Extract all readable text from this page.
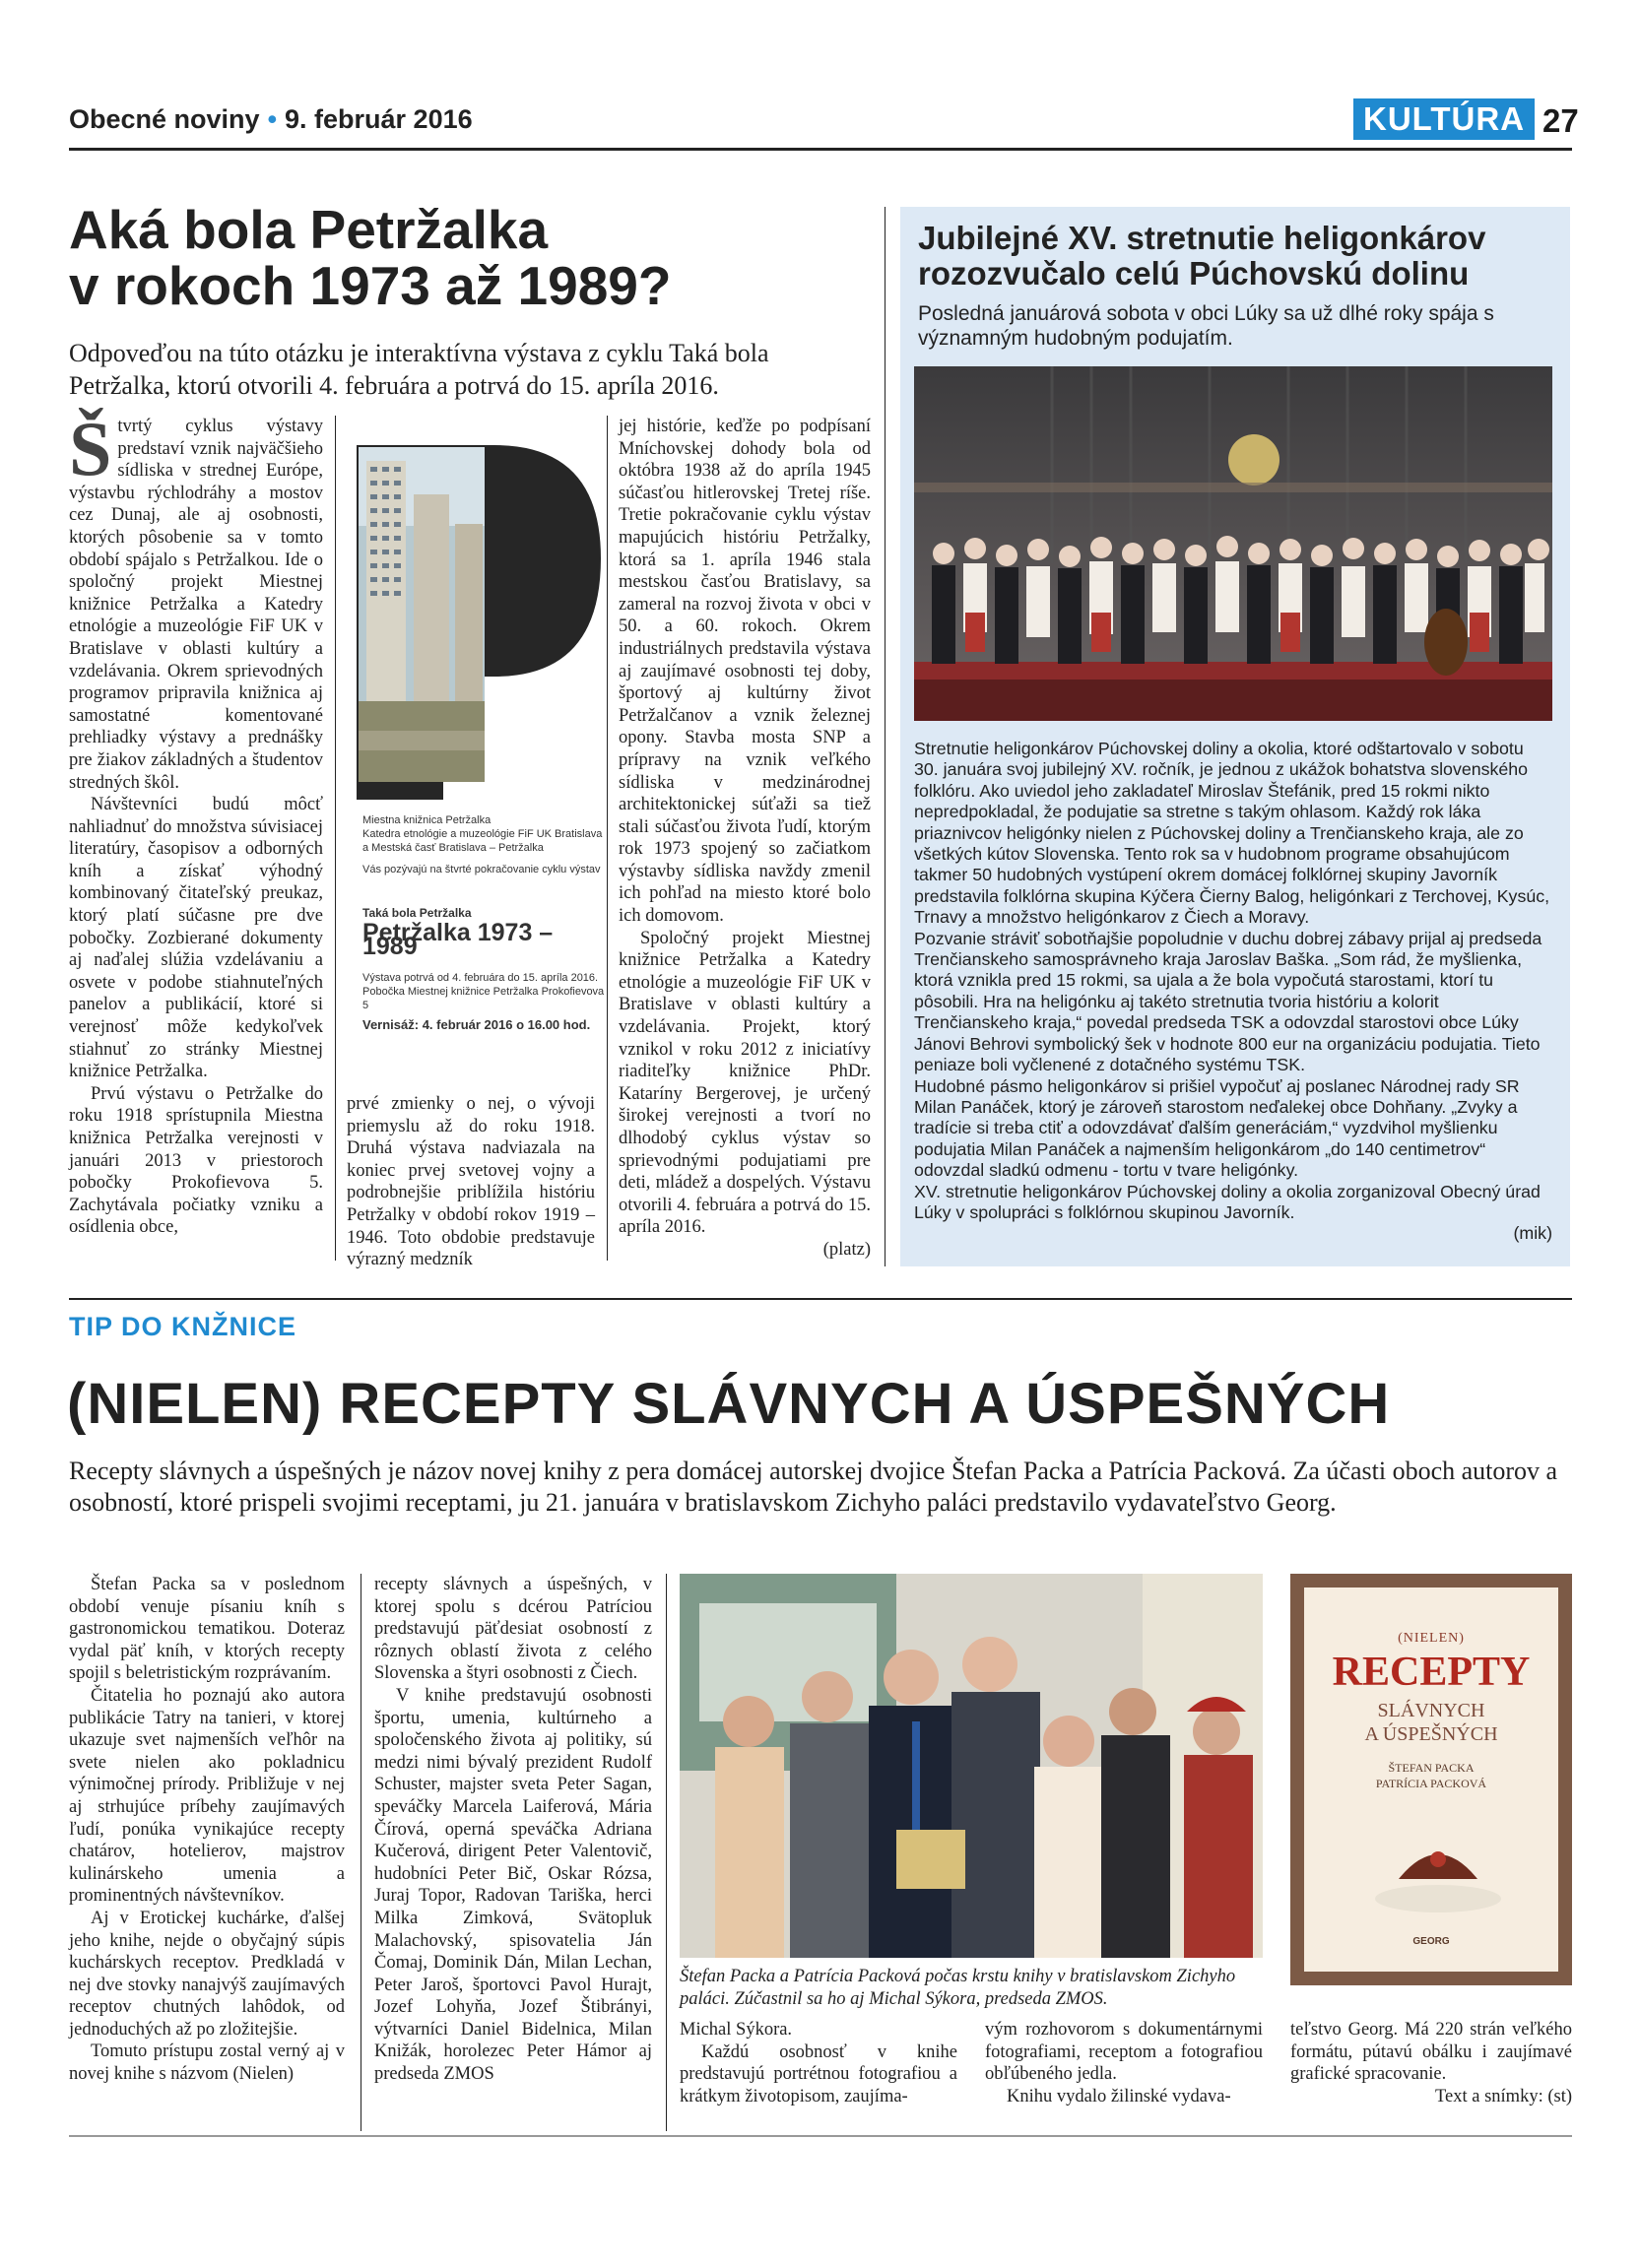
Obecné noviny • 9. február 2016	KULTÚRA 27
Aká bola Petržalka
v rokoch 1973 až 1989?
Odpoveďou na túto otázku je interaktívna výstava z cyklu Taká bola Petržalka, ktorú otvorili 4. februára a potrvá do 15. apríla 2016.

Štvrtý cyklus výstavy predstaví vznik najväčšieho sídliska v strednej Európe, výstavbu rýchlodráhy a mostov cez Dunaj, ale aj osobnosti, ktorých pôsobenie sa v tomto období spájalo s Petržalkou. Ide o spoločný projekt Miestnej knižnice Petržalka a Katedry etnológie a muzeológie FiF UK v Bratislave v oblasti kultúry a vzdelávania. Okrem sprievodných programov pripravila knižnica aj samostatné komentované prehliadky výstavy a prednášky pre žiakov základných a študentov stredných škôl.

Návštevníci budú môcť nahliadnuť do množstva súvisiacej literatúry, časopisov a odborných kníh a získať výhodný kombinovaný čitateľský preukaz, ktorý platí súčasne pre dve pobočky. Zozbierané dokumenty aj naďalej slúžia vzdelávaniu a osvete v podobe stiahnuteľných panelov a publikácií, ktoré si verejnosť môže kedykoľvek stiahnuť zo stránky Miestnej knižnice Petržalka.

Prvú výstavu o Petržalke do roku 1918 sprístupnila Miestna knižnica Petržalka verejnosti v januári 2013 v priestoroch pobočky Prokofievova 5. Zachytávala počiatky vzniku a osídlenia obce,

Miestna knižnica Petržalka
Katedra etnológie a muzeológie FiF UK Bratislava
a Mestská časť Bratislava – Petržalka
Vás pozývajú na štvrté pokračovanie cyklu výstav
Taká bola Petržalka
Petržalka 1973 – 1989
Výstava potrvá od 4. februára do 15. apríla 2016.
Pobočka Miestnej knižnice Petržalka Prokofievova 5
Vernisáž: 4. február 2016 o 16.00 hod.

prvé zmienky o nej, o vývoji priemyslu až do roku 1918. Druhá výstava nadviazala na koniec prvej svetovej vojny a podrobnejšie priblížila históriu Petržalky v období rokov 1919 – 1946. Toto obdobie predstavuje výrazný medzník

jej histórie, keďže po podpísaní Mníchovskej dohody bola od októbra 1938 až do apríla 1945 súčasťou hitlerovskej Tretej ríše. Tretie pokračovanie cyklu výstav mapujúcich históriu Petržalky, ktorá sa 1. apríla 1946 stala mestskou časťou Bratislavy, sa zameral na rozvoj života v obci v 50. a 60. rokoch. Okrem industriálnych predstavila výstava aj zaujímavé osobnosti tej doby, športový aj kultúrny život Petržalčanov a vznik železnej opony. Stavba mosta SNP a prípravy na vznik veľkého sídliska v medzinárodnej architektonickej súťaži sa tiež stali súčasťou života ľudí, ktorým rok 1973 spojený so začiatkom výstavby sídliska navždy zmenil ich pohľad na miesto ktoré bolo ich domovom.

Spoločný projekt Miestnej knižnice Petržalka a Katedry etnológie a muzeológie FiF UK v Bratislave v oblasti kultúry a vzdelávania. Projekt, ktorý vznikol v roku 2012 z iniciatívy riaditeľky knižnice PhDr. Kataríny Bergerovej, je určený širokej verejnosti a tvorí no dlhodobý cyklus výstav so sprievodnými podujatiami pre deti, mládež a dospelých. Výstavu otvorili 4. februára a potrvá do 15. apríla 2016.

(platz)

Jubilejné XV. stretnutie heligonkárov rozozvučalo celú Púchovskú dolinu
Posledná januárová sobota v obci Lúky sa už dlhé roky spája s významným hudobným podujatím.
Stretnutie heligonkárov Púchovskej doliny a okolia, ktoré odštartovalo v sobotu 30. januára svoj jubilejný XV. ročník, je jednou z ukážok bohatstva slovenského folklóru. Ako uviedol jeho zakladateľ Miroslav Štefánik, pred 15 rokmi nikto nepredpokladal, že podujatie sa stretne s takým ohlasom. Každý rok láka priaznivcov heligónky nielen z Púchovskej doliny a Trenčianskeho kraja, ale zo všetkých kútov Slovenska. Tento rok sa v hudobnom programe obsahujúcom takmer 50 hudobných vystúpení okrem domácej folklórnej skupiny Javorník predstavila folklórna skupina Kýčera Čierny Balog, heligónkari z Terchovej, Kysúc, Trnavy a množstvo heligónkarov z Čiech a Moravy.
Pozvanie stráviť sobotňajšie popoludnie v duchu dobrej zábavy prijal aj predseda Trenčianskeho samosprávneho kraja Jaroslav Baška. „Som rád, že myšlienka, ktorá vznikla pred 15 rokmi, sa ujala a že bola vypočutá starostami, ktorí tu pôsobili. Hra na heligónku aj takéto stretnutia tvoria históriu a kolorit Trenčianskeho kraja,“ povedal predseda TSK a odovzdal starostovi obce Lúky Jánovi Behrovi symbolický šek v hodnote 800 eur na organizáciu podujatia. Tieto peniaze boli vyčlenené z dotačného systému TSK.
Hudobné pásmo heligonkárov si prišiel vypočuť aj poslanec Národnej rady SR Milan Panáček, ktorý je zároveň starostom neďalekej obce Dohňany. „Zvyky a tradície si treba ctiť a odovzdávať ďalším generáciám,“ vyzdvihol myšlienku podujatia Milan Panáček a najmenším heligonkárom „do 140 centimetrov“ odovzdal sladkú odmenu - tortu v tvare heligónky.
XV. stretnutie heligonkárov Púchovskej doliny a okolia zorganizoval Obecný úrad Lúky v spolupráci s folklórnou skupinou Javorník.
(mik)
TIP DO KNŽNICE
(NIELEN) RECEPTY SLÁVNYCH A ÚSPEŠNÝCH
Recepty slávnych a úspešných je názov novej knihy z pera domácej autorskej dvojice Štefan Packa a Patrícia Packová. Za účasti oboch autorov a osobností, ktoré prispeli svojimi receptami, ju 21. januára v bratislavskom Zichyho paláci predstavilo vydavateľstvo Georg.

Štefan Packa sa v poslednom období venuje písaniu kníh s gastronomickou tematikou. Doteraz vydal päť kníh, v ktorých recepty spojil s beletristickým rozprávaním.

Čitatelia ho poznajú ako autora publikácie Tatry na tanieri, v ktorej ukazuje svet najmenších veľhôr na svete nielen ako pokladnicu výnimočnej prírody. Približuje v nej aj strhujúce príbehy zaujímavých ľudí, ponúka vynikajúce recepty chatárov, hotelierov, majstrov kulinárskeho umenia a prominentných návštevníkov.

Aj v Erotickej kuchárke, ďalšej jeho knihe, nejde o obyčajný súpis kuchárskych receptov. Predkladá v nej dve stovky nanajvýš zaujímavých receptov chutných lahôdok, od jednoduchých až po zložitejšie.

Tomuto prístupu zostal verný aj v novej knihe s názvom (Nielen)

recepty slávnych a úspešných, v ktorej spolu s dcérou Patríciou predstavujú päťdesiat osobností z rôznych oblastí života z celého Slovenska a štyri osobnosti z Čiech.

V knihe predstavujú osobnosti športu, umenia, kultúrneho a spoločenského života aj politiky, sú medzi nimi bývalý prezident Rudolf Schuster, majster sveta Peter Sagan, speváčky Marcela Laiferová, Mária Čírová, operná speváčka Adriana Kučerová, dirigent Peter Valentovič, hudobníci Peter Bič, Oskar Rózsa, Juraj Topor, Radovan Tariška, herci Milka Zimková, Svätopluk Malachovský, spisovatelia Ján Čomaj, Dominik Dán, Milan Lechan, Peter Jaroš, športovci Pavol Hurajt, Jozef Lohyňa, Jozef Štibrányi, výtvarníci Daniel Bidelnica, Milan Knižák, horolezec Peter Hámor aj predseda ZMOS

Štefan Packa a Patrícia Packová počas krstu knihy v bratislavskom Zichyho paláci. Zúčastnil sa ho aj Michal Sýkora, predseda ZMOS.
(NIELEN)
RECEPTY
SLÁVNYCH
A ÚSPEŠNÝCH
ŠTEFAN PACKA
PATRÍCIA PACKOVÁ
GEORG

Michal Sýkora.

Každú osobnosť v knihe predstavujú portrétnou fotografiou a krátkym životopisom, zaujíma-

vým rozhovorom s dokumentárnymi fotografiami, receptom a fotografiou obľúbeného jedla.

Knihu vydalo žilinské vydava-

teľstvo Georg. Má 220 strán veľkého formátu, pútavú obálku i zaujímavé grafické spracovanie.

Text a snímky: (st)
